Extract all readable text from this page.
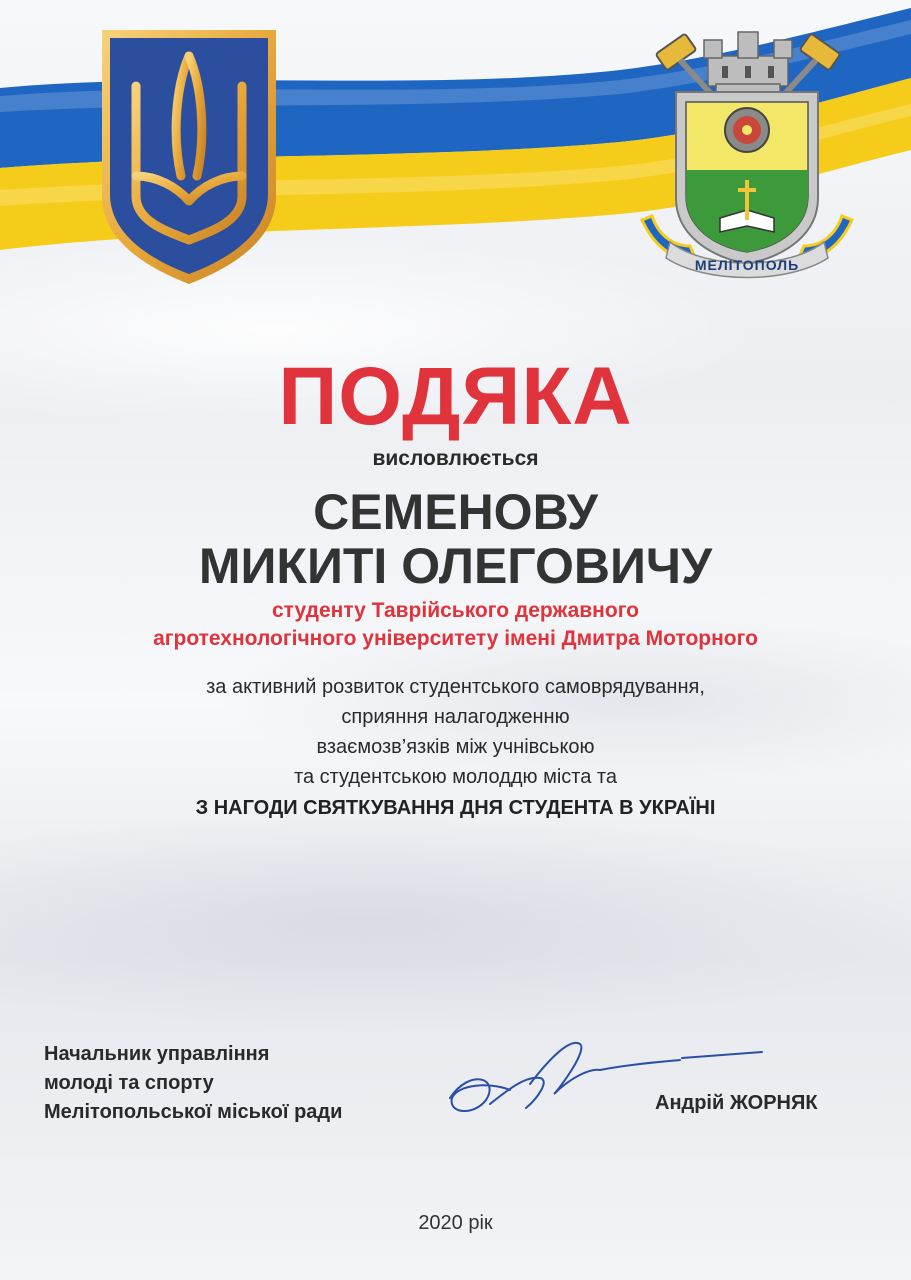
МЕЛІТОПОЛЬ
ПОДЯКА
висловлюється
СЕМЕНОВУ
МИКИТІ ОЛЕГОВИЧУ
студенту Таврійського державного
агротехнологічного університету імені Дмитра Моторного
за активний розвиток студентського самоврядування,
сприяння налагодженню
взаємозв’язків між учнівською
та студентською молоддю міста та
З НАГОДИ СВЯТКУВАННЯ ДНЯ СТУДЕНТА В УКРАЇНІ
Начальник управління
молоді та спорту
Мелітопольської міської ради	Андрій ЖОРНЯК
2020 рік
